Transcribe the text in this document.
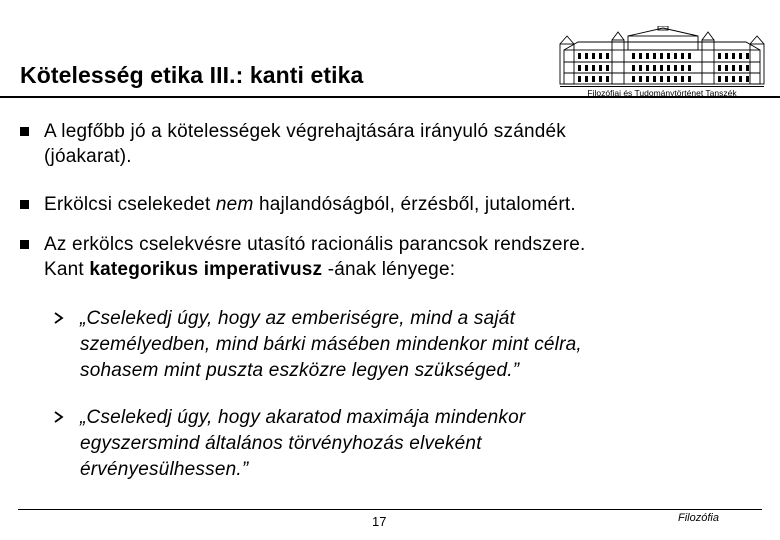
Kötelesség etika III.: kanti etika
Filozófiai és Tudománytörténet Tanszék
A legfőbb jó a kötelességek végrehajtására irányuló szándék
(jóakarat).
Erkölcsi cselekedet nem hajlandóságból, érzésből, jutalomért.
Az erkölcs cselekvésre utasító racionális parancsok rendszere.
Kant kategorikus imperativusz -ának lényege:
„Cselekedj úgy, hogy az emberiségre, mind a saját
személyedben, mind bárki másében mindenkor mint célra,
sohasem mint puszta eszközre legyen szükséged.”
„Cselekedj úgy, hogy akaratod maximája mindenkor
egyszersmind általános törvényhozás elveként
érvényesülhessen.”
17	Filozófia
